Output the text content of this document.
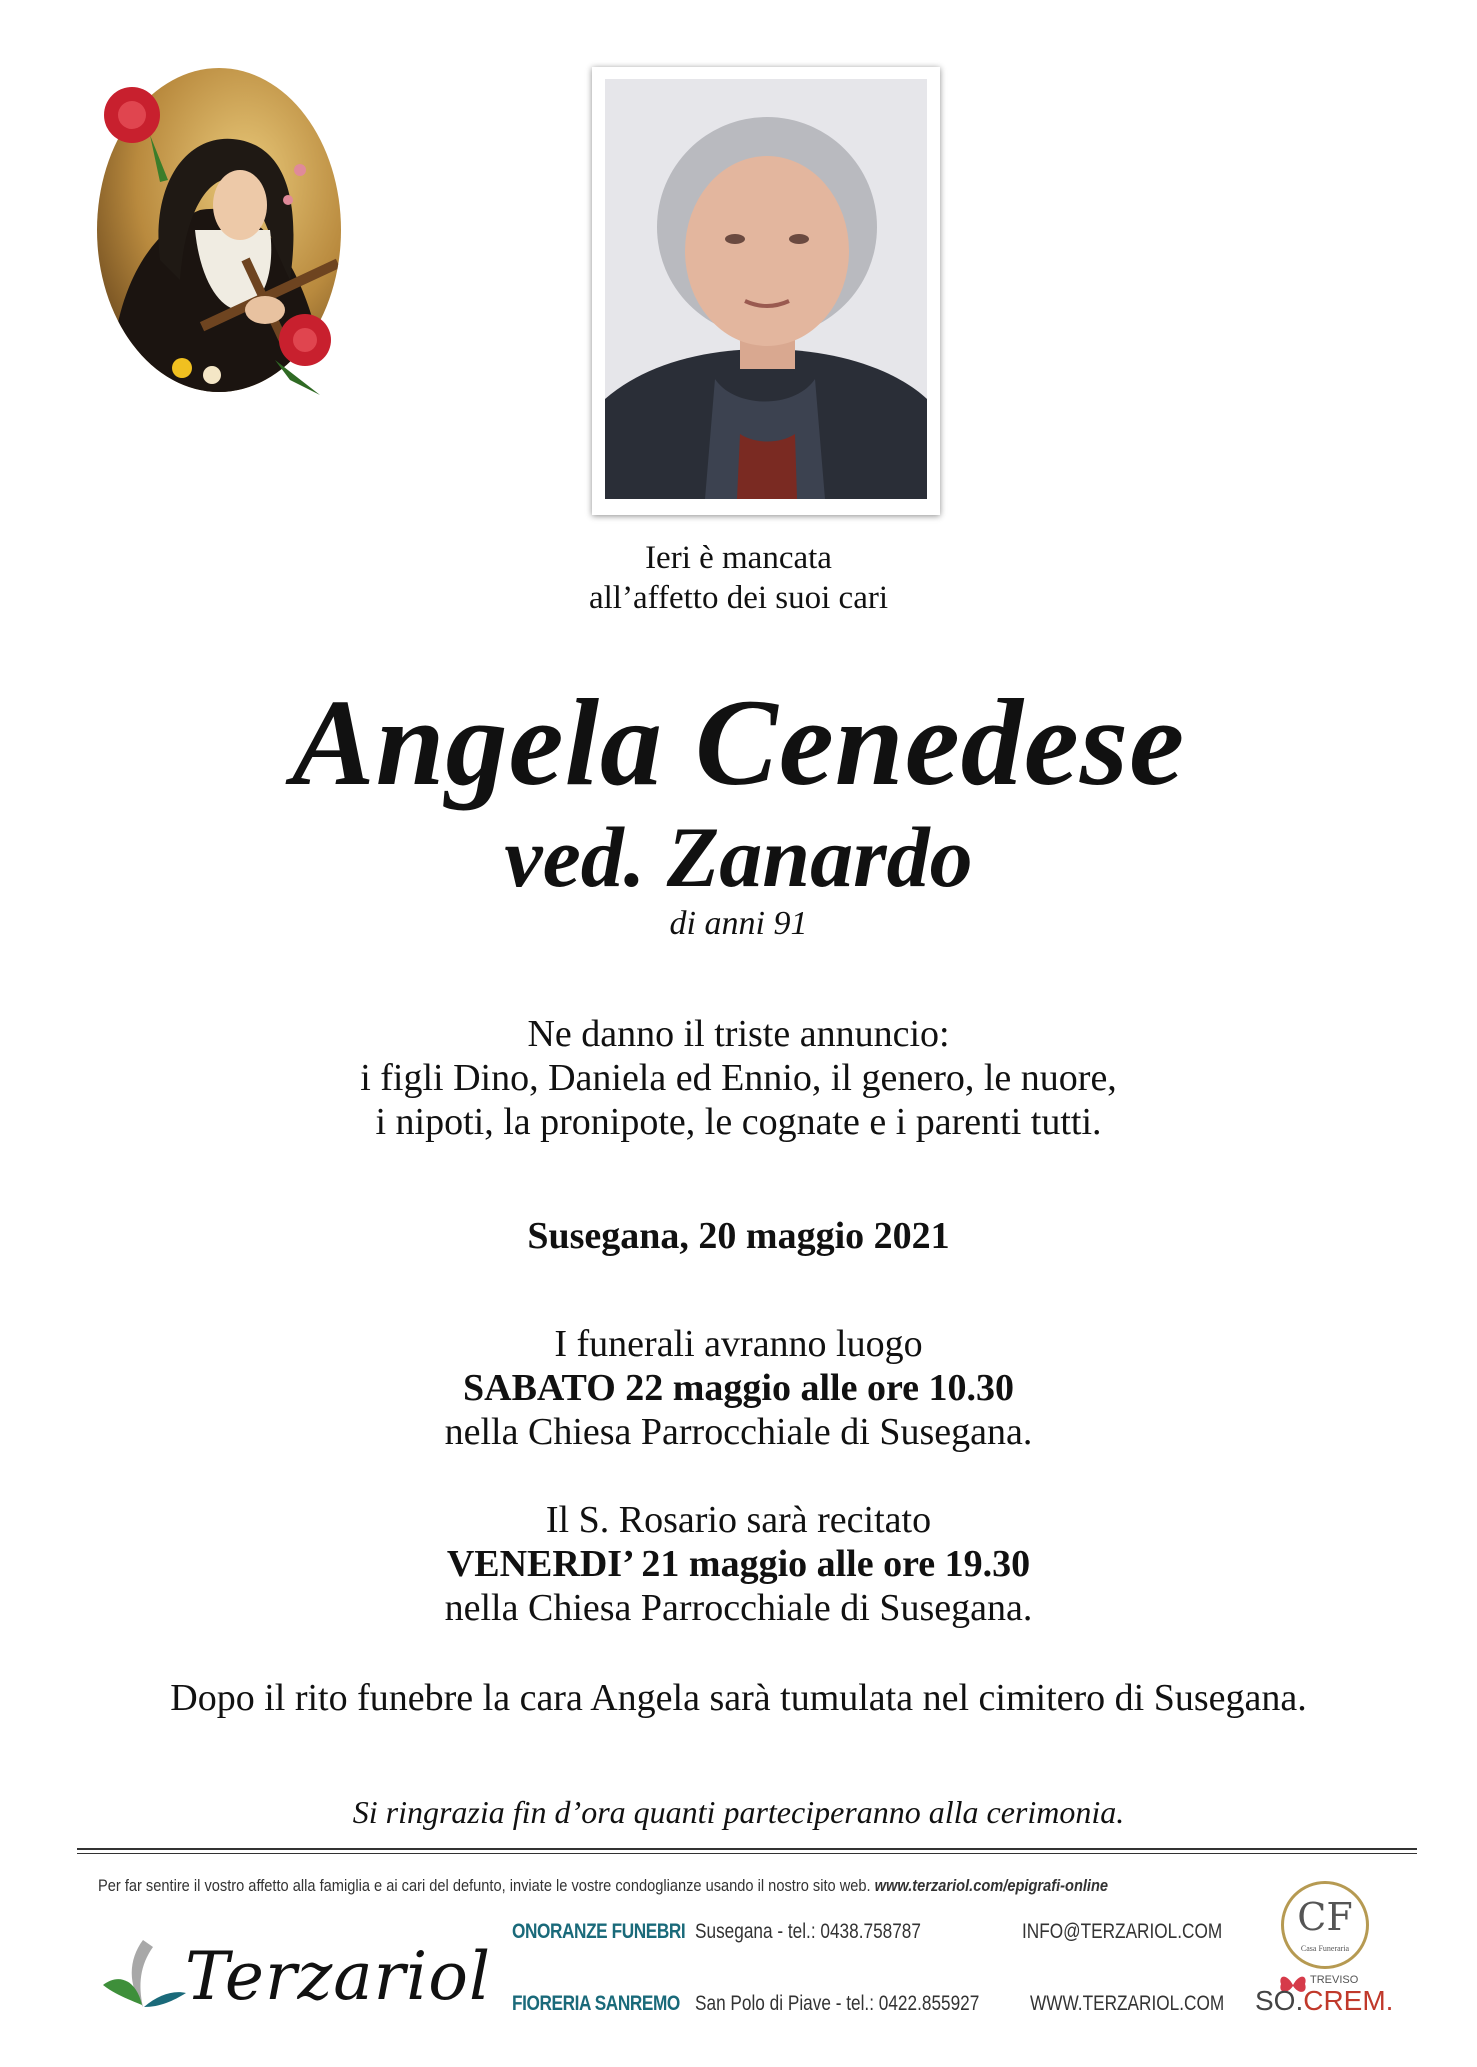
Ieri è mancata
all’affetto dei suoi cari
Angela Cenedese
ved. Zanardo
di anni 91
Ne danno il triste annuncio:
i figli Dino, Daniela ed Ennio, il genero, le nuore,
i nipoti, la pronipote, le cognate e i parenti tutti.
Susegana, 20 maggio 2021
I funerali avranno luogo
SABATO 22 maggio alle ore 10.30
nella Chiesa Parrocchiale di Susegana.
Il S. Rosario sarà recitato
VENERDI’ 21 maggio alle ore 19.30
nella Chiesa Parrocchiale di Susegana.
Dopo il rito funebre la cara Angela sarà tumulata nel cimitero di Susegana.
Si ringrazia fin d’ora quanti parteciperanno alla cerimonia.
Per far sentire il vostro affetto alla famiglia e ai cari del defunto, inviate le vostre condoglianze usando il nostro sito web. www.terzariol.com/epigrafi-online
Terzariol
ONORANZE FUNEBRI
FIORERIA SANREMO
Susegana - tel.: 0438.758787
San Polo di Piave - tel.: 0422.855927
INFO@TERZARIOL.COM
WWW.TERZARIOL.COM
CF
Casa Funeraria
TREVISO
SO.CREM.
